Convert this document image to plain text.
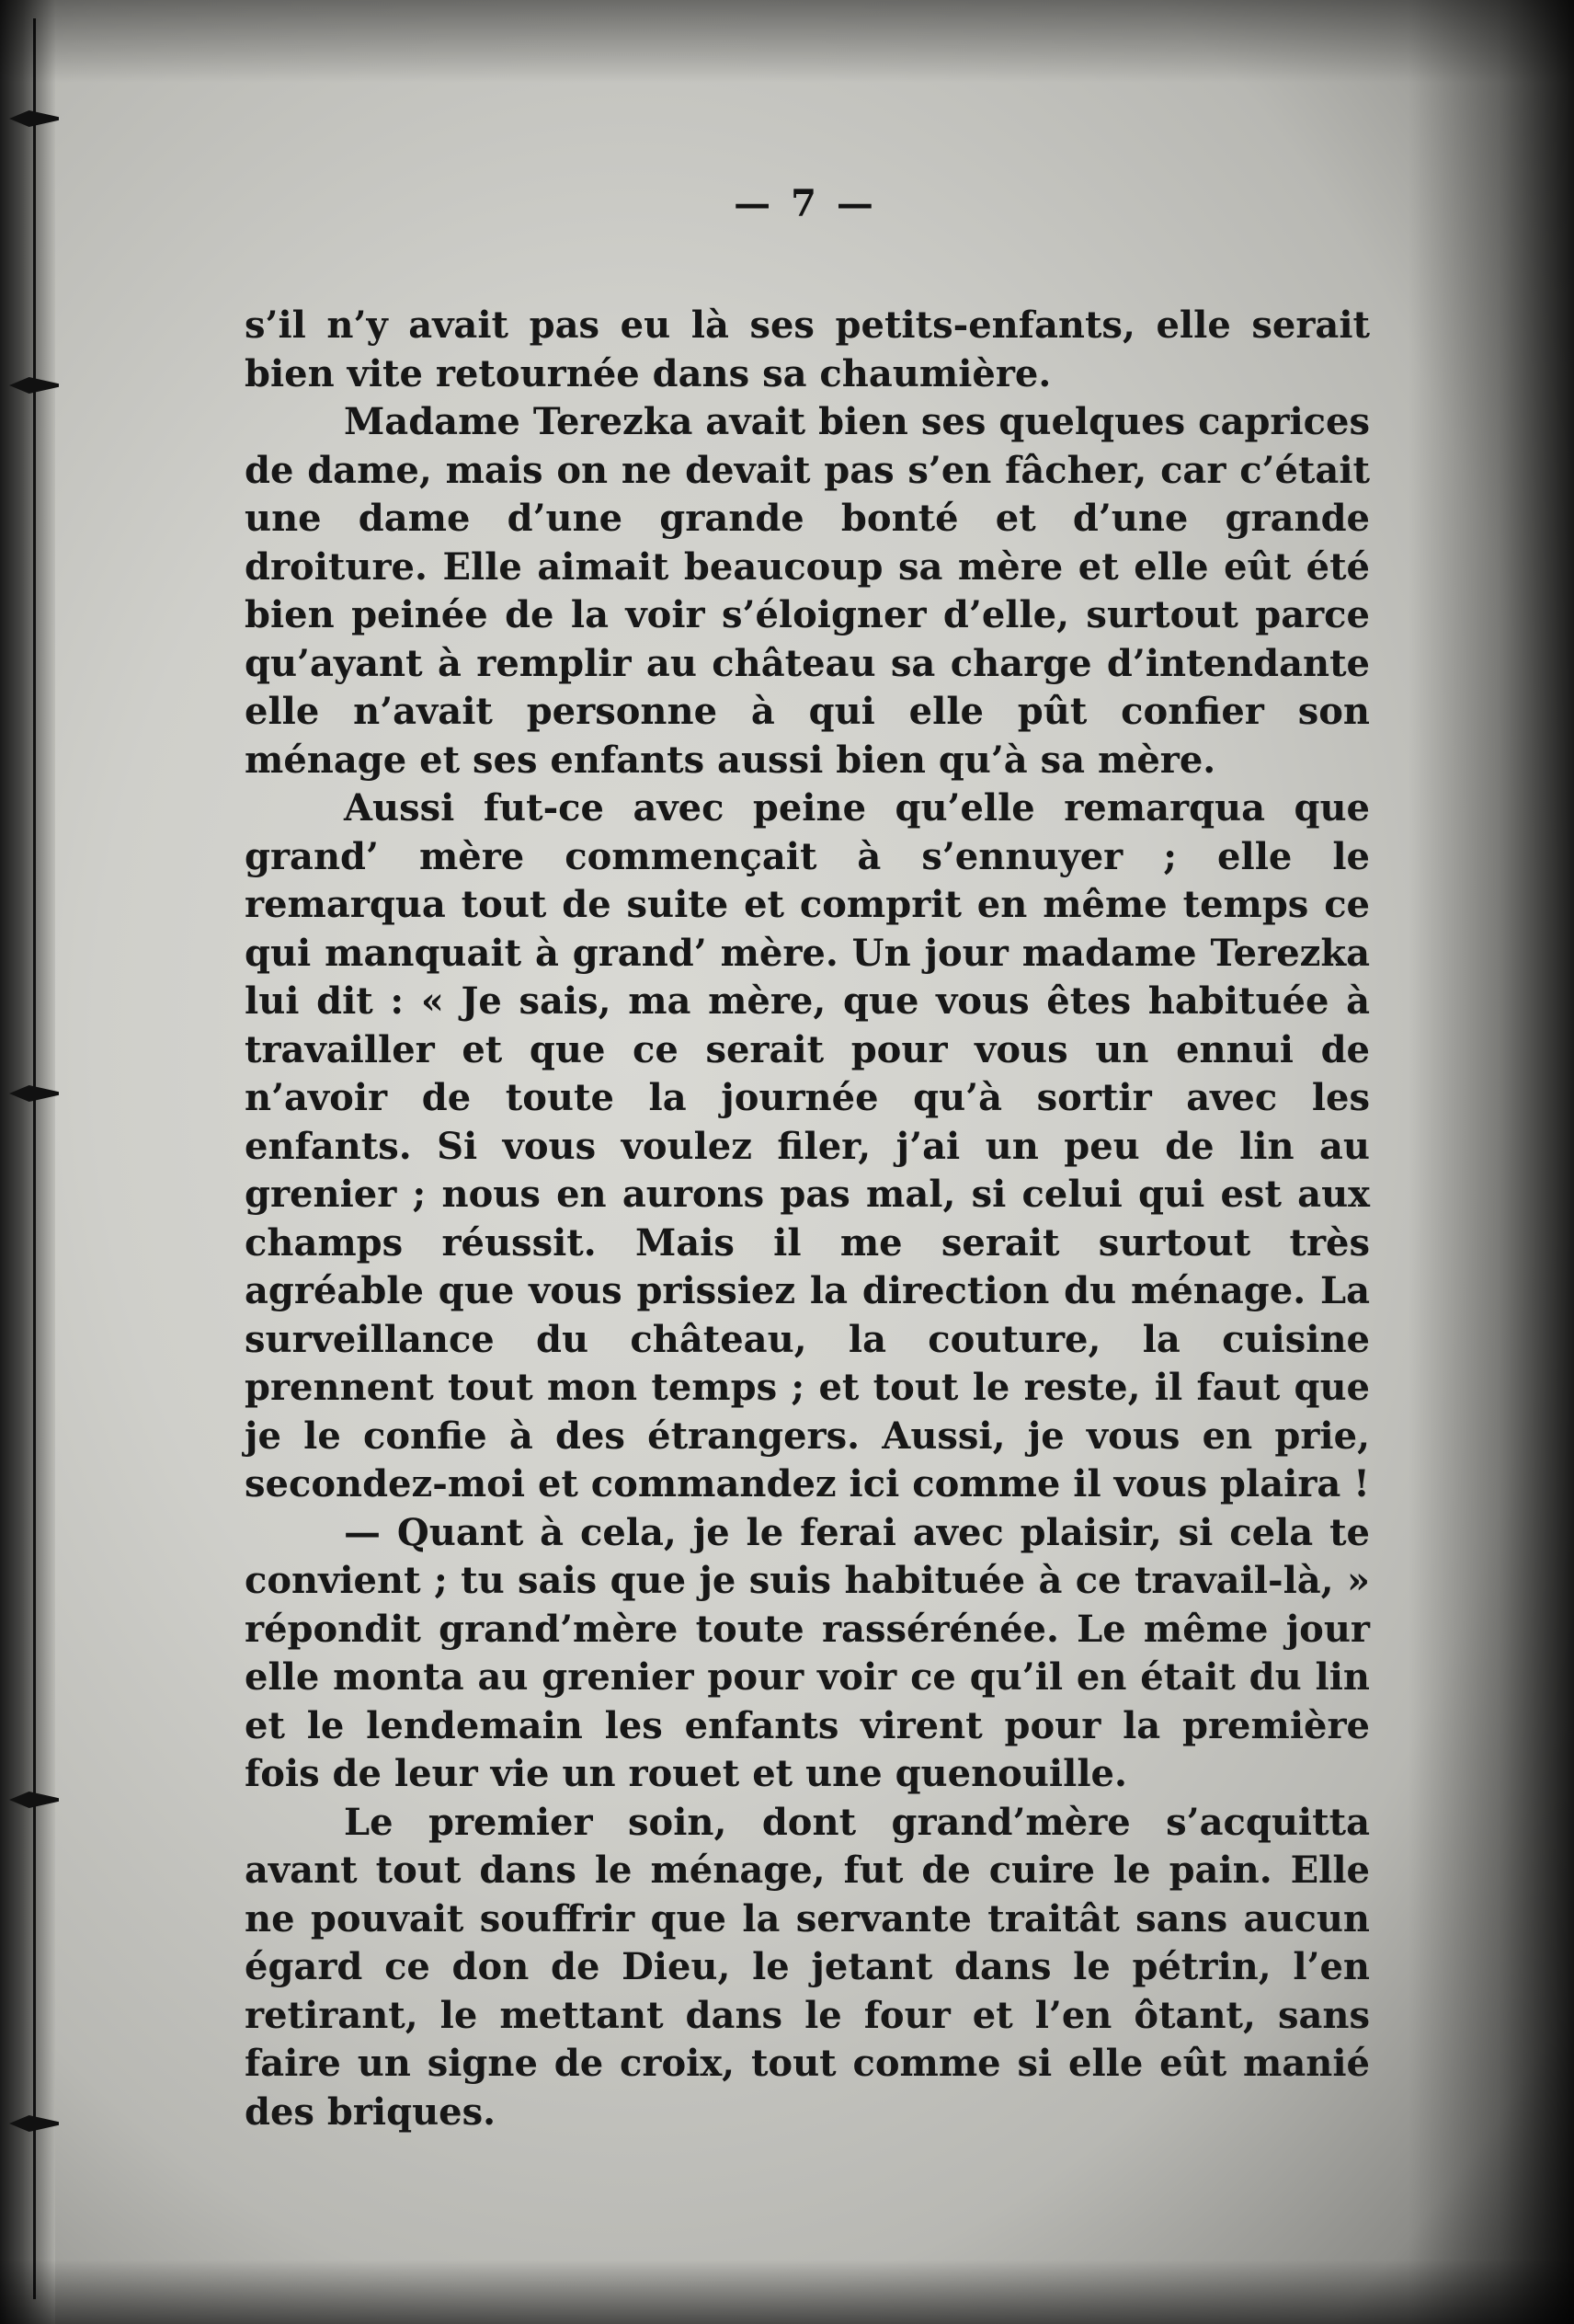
— 7 —

s’il n’y avait pas eu là ses petits-enfants, elle serait bien vite retournée dans sa chaumière.

Madame Terezka avait bien ses quelques caprices de dame, mais on ne devait pas s’en fâcher, car c’était une dame d’une grande bonté et d’une grande droiture. Elle aimait beaucoup sa mère et elle eût été bien peinée de la voir s’éloigner d’elle, surtout parce qu’ayant à remplir au château sa charge d’intendante elle n’avait personne à qui elle pût confier son ménage et ses enfants aussi bien qu’à sa mère.

Aussi fut-ce avec peine qu’elle remarqua que grand’ mère commençait à s’ennuyer ; elle le remarqua tout de suite et comprit en même temps ce qui manquait à grand’ mère. Un jour madame Terezka lui dit : « Je sais, ma mère, que vous êtes habituée à travailler et que ce serait pour vous un ennui de n’avoir de toute la journée qu’à sortir avec les enfants. Si vous voulez filer, j’ai un peu de lin au grenier ; nous en aurons pas mal, si celui qui est aux champs réussit. Mais il me serait surtout très agréable que vous prissiez la direction du ménage. La surveillance du château, la couture, la cuisine prennent tout mon temps ; et tout le reste, il faut que je le confie à des étrangers. Aussi, je vous en prie, secondez-moi et commandez ici comme il vous plaira !

— Quant à cela, je le ferai avec plaisir, si cela te convient ; tu sais que je suis habituée à ce travail-là, » répondit grand’mère toute rassérénée. Le même jour elle monta au grenier pour voir ce qu’il en était du lin et le lendemain les enfants virent pour la première fois de leur vie un rouet et une quenouille.

Le premier soin, dont grand’mère s’acquitta avant tout dans le ménage, fut de cuire le pain. Elle ne pouvait souffrir que la servante traitât sans aucun égard ce don de Dieu, le jetant dans le pétrin, l’en retirant, le mettant dans le four et l’en ôtant, sans faire un signe de croix, tout comme si elle eût manié des briques.
